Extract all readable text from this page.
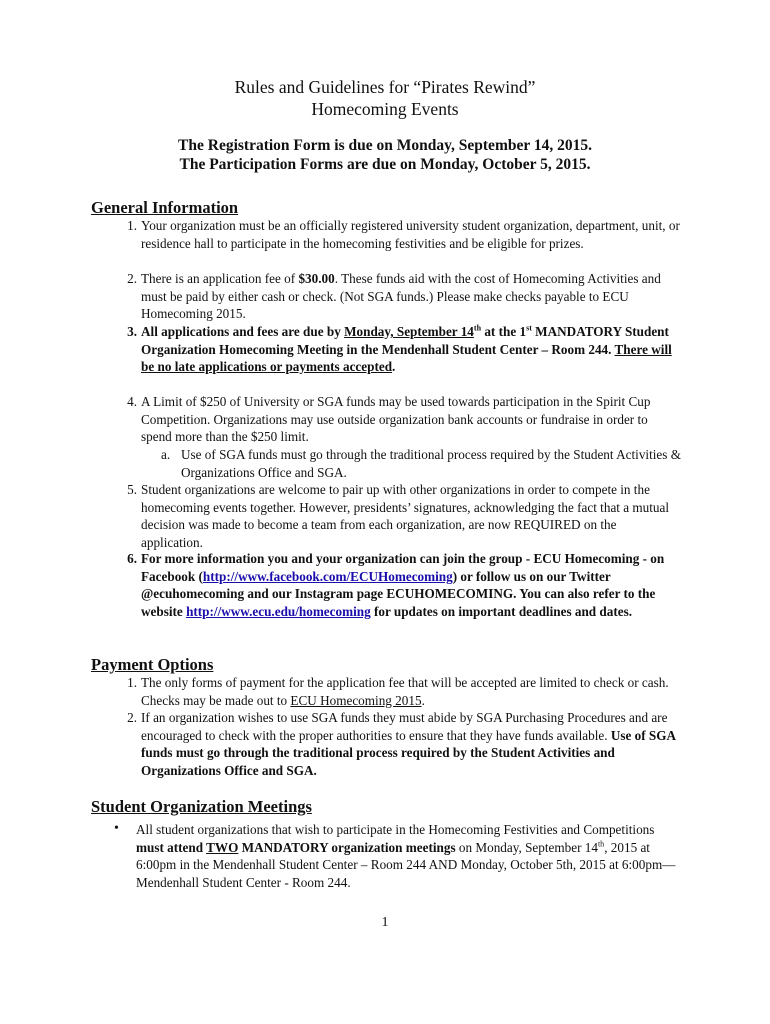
Rules and Guidelines for “Pirates Rewind”
Homecoming Events
The Registration Form is due on Monday, September 14, 2015.
The Participation Forms are due on Monday, October 5, 2015.
General Information
1. Your organization must be an officially registered university student organization, department, unit, or residence hall to participate in the homecoming festivities and be eligible for prizes.
2. There is an application fee of $30.00. These funds aid with the cost of Homecoming Activities and must be paid by either cash or check. (Not SGA funds.) Please make checks payable to ECU Homecoming 2015.
3. All applications and fees are due by Monday, September 14th at the 1st MANDATORY Student Organization Homecoming Meeting in the Mendenhall Student Center – Room 244. There will be no late applications or payments accepted.
4. A Limit of $250 of University or SGA funds may be used towards participation in the Spirit Cup Competition. Organizations may use outside organization bank accounts or fundraise in order to spend more than the $250 limit.
a. Use of SGA funds must go through the traditional process required by the Student Activities & Organizations Office and SGA.
5. Student organizations are welcome to pair up with other organizations in order to compete in the homecoming events together. However, presidents’ signatures, acknowledging the fact that a mutual decision was made to become a team from each organization, are now REQUIRED on the application.
6. For more information you and your organization can join the group - ECU Homecoming - on Facebook (http://www.facebook.com/ECUHomecoming) or follow us on our Twitter @ecuhomecoming and our Instagram page ECUHOMECOMING. You can also refer to the website http://www.ecu.edu/homecoming for updates on important deadlines and dates.
Payment Options
1. The only forms of payment for the application fee that will be accepted are limited to check or cash. Checks may be made out to ECU Homecoming 2015.
2. If an organization wishes to use SGA funds they must abide by SGA Purchasing Procedures and are encouraged to check with the proper authorities to ensure that they have funds available. Use of SGA funds must go through the traditional process required by the Student Activities and Organizations Office and SGA.
Student Organization Meetings
• All student organizations that wish to participate in the Homecoming Festivities and Competitions must attend TWO MANDATORY organization meetings on Monday, September 14th, 2015 at 6:00pm in the Mendenhall Student Center – Room 244 AND Monday, October 5th, 2015 at 6:00pm—Mendenhall Student Center - Room 244.
1
